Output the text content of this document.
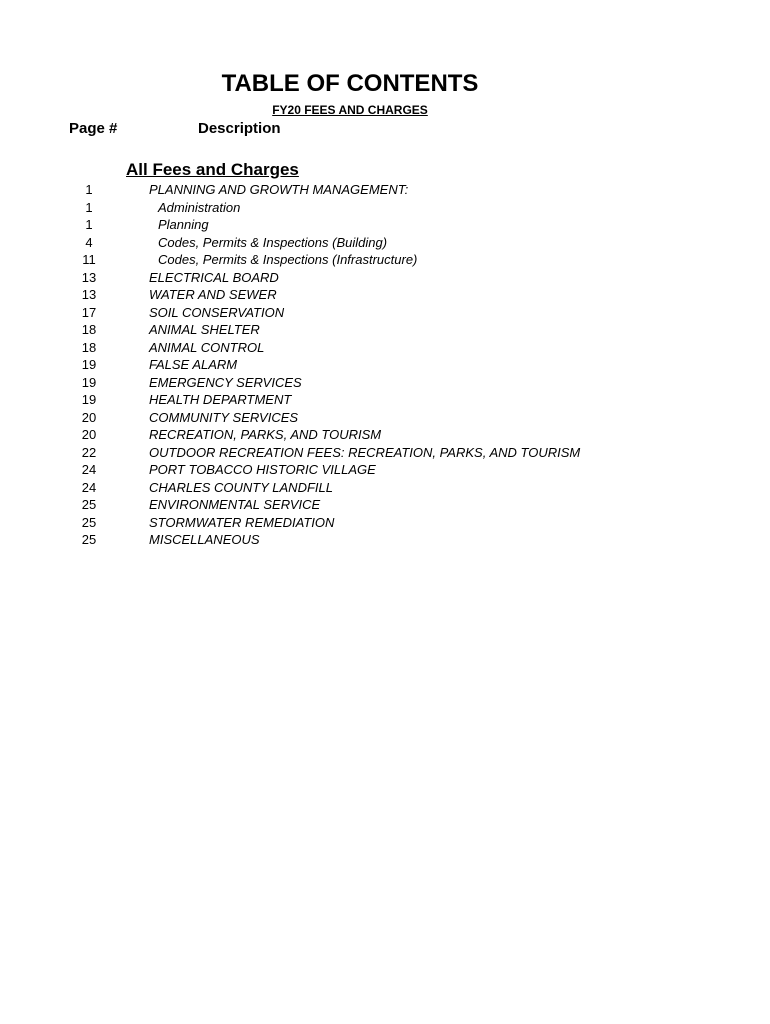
TABLE OF CONTENTS
FY20 FEES AND CHARGES
Page #	Description
All Fees and Charges
1	PLANNING AND GROWTH MANAGEMENT:
1	Administration
1	Planning
4	Codes, Permits & Inspections (Building)
11	Codes, Permits & Inspections (Infrastructure)
13	ELECTRICAL BOARD
13	WATER AND SEWER
17	SOIL CONSERVATION
18	ANIMAL SHELTER
18	ANIMAL CONTROL
19	FALSE ALARM
19	EMERGENCY SERVICES
19	HEALTH DEPARTMENT
20	COMMUNITY SERVICES
20	RECREATION, PARKS, AND TOURISM
22	OUTDOOR RECREATION FEES: RECREATION, PARKS, AND TOURISM
24	PORT TOBACCO HISTORIC VILLAGE
24	CHARLES COUNTY LANDFILL
25	ENVIRONMENTAL SERVICE
25	STORMWATER REMEDIATION
25	MISCELLANEOUS
